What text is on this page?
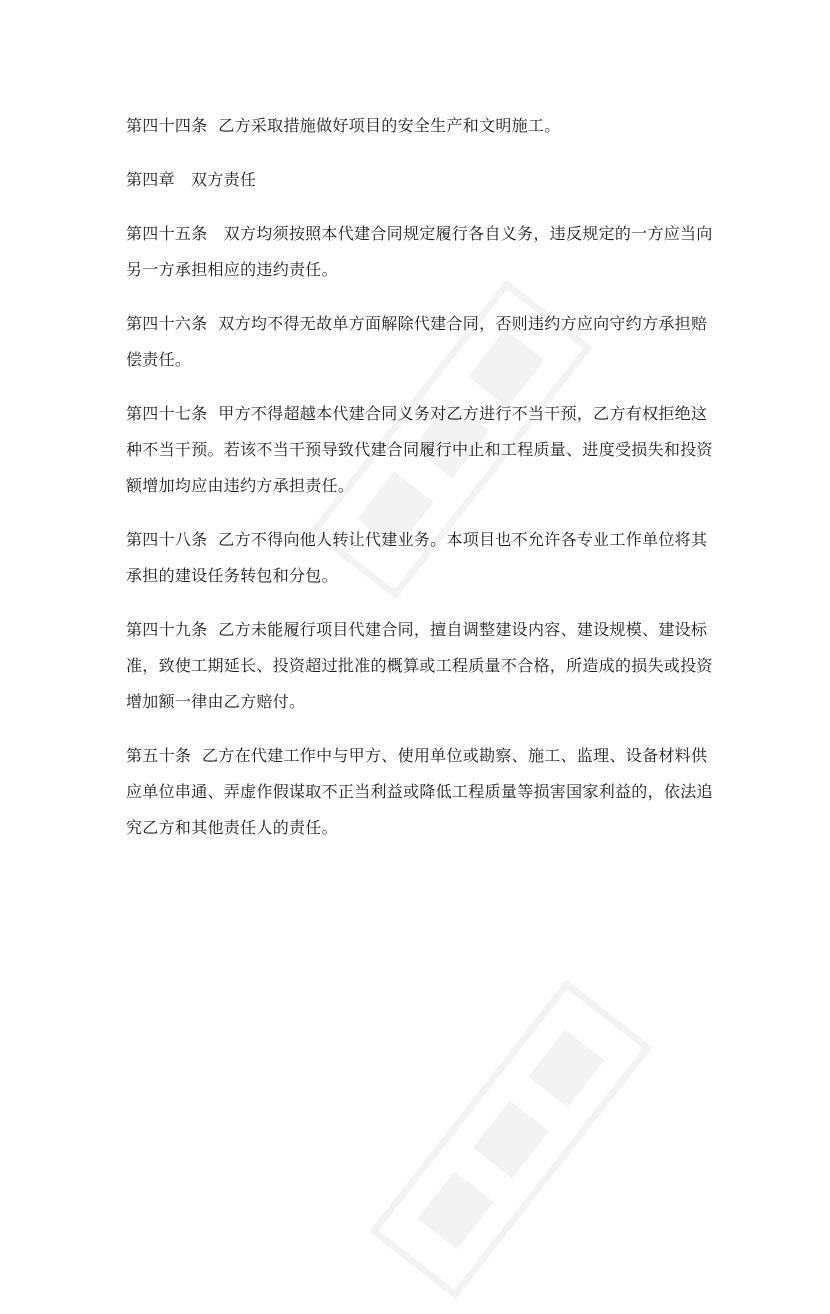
第四十四条  乙方采取措施做好项目的安全生产和文明施工。

第四章   双方责任

第四十五条   双方均须按照本代建合同规定履行各自义务，违反规定的一方应当向另一方承担相应的违约责任。

第四十六条  双方均不得无故单方面解除代建合同，否则违约方应向守约方承担赔偿责任。

第四十七条  甲方不得超越本代建合同义务对乙方进行不当干预，乙方有权拒绝这种不当干预。若该不当干预导致代建合同履行中止和工程质量、进度受损失和投资额增加均应由违约方承担责任。

第四十八条  乙方不得向他人转让代建业务。本项目也不允许各专业工作单位将其承担的建设任务转包和分包。

第四十九条  乙方未能履行项目代建合同，擅自调整建设内容、建设规模、建设标准，致使工期延长、投资超过批准的概算或工程质量不合格，所造成的损失或投资增加额一律由乙方赔付。

第五十条  乙方在代建工作中与甲方、使用单位或勘察、施工、监理、设备材料供应单位串通、弄虚作假谋取不正当利益或降低工程质量等损害国家利益的，依法追究乙方和其他责任人的责任。
